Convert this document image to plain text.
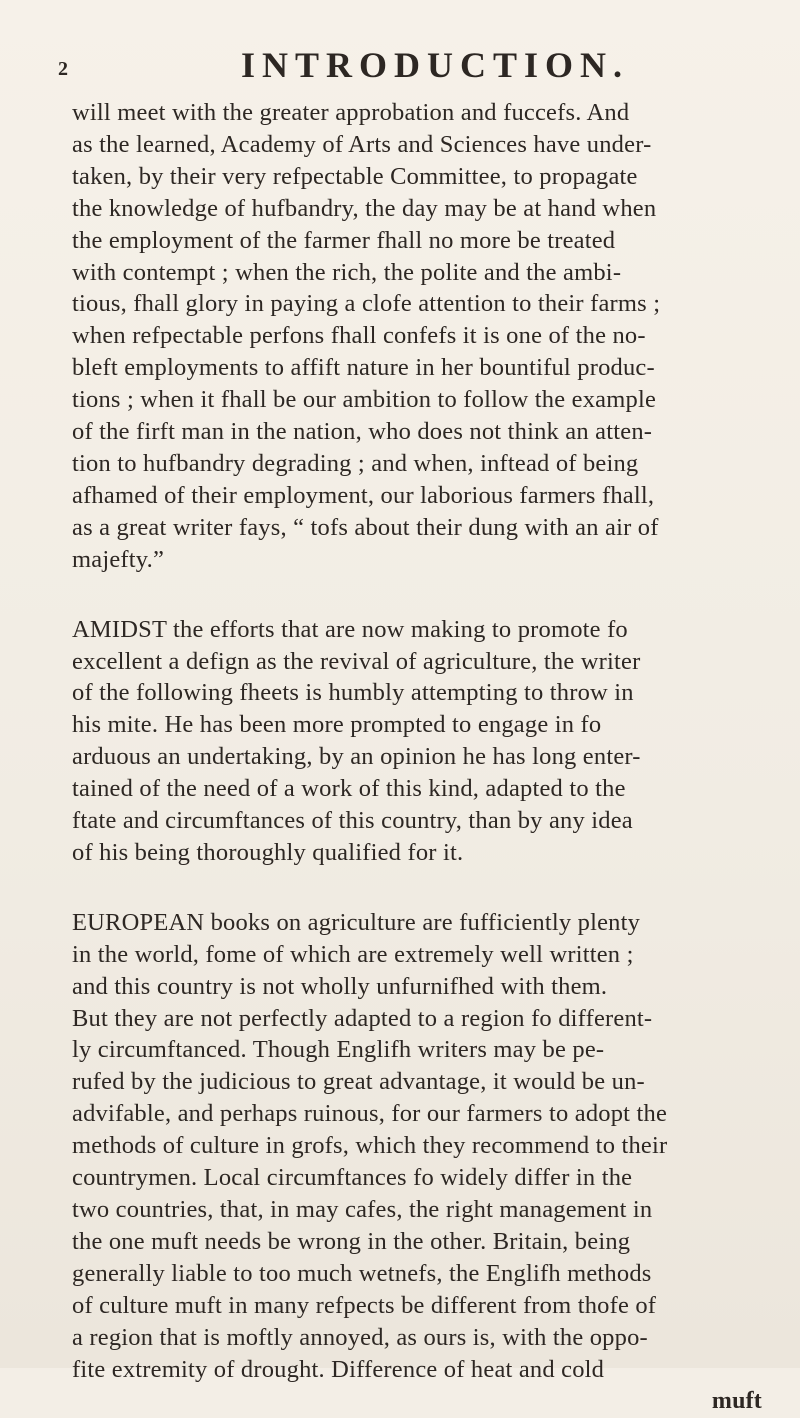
2	INTRODUCTION.
will meet with the greater approbation and fuccefs. And
as the learned, Academy of Arts and Sciences have under-
taken, by their very refpectable Committee, to propagate
the knowledge of hufbandry, the day may be at hand when
the employment of the farmer fhall no more be treated
with contempt ; when the rich, the polite and the ambi-
tious, fhall glory in paying a clofe attention to their farms ;
when refpectable perfons fhall confefs it is one of the no-
bleft employments to affift nature in her bountiful produc-
tions ; when it fhall be our ambition to follow the example
of the firft man in the nation, who does not think an atten-
tion to hufbandry degrading ; and when, inftead of being
afhamed of their employment, our laborious farmers fhall,
as a great writer fays, “ tofs about their dung with an air of
majefty.”
AMIDST the efforts that are now making to promote fo
excellent a defign as the revival of agriculture, the writer
of the following fheets is humbly attempting to throw in
his mite. He has been more prompted to engage in fo
arduous an undertaking, by an opinion he has long enter-
tained of the need of a work of this kind, adapted to the
ftate and circumftances of this country, than by any idea
of his being thoroughly qualified for it.
EUROPEAN books on agriculture are fufficiently plenty
in the world, fome of which are extremely well written ;
and this country is not wholly unfurnifhed with them.
But they are not perfectly adapted to a region fo different-
ly circumftanced. Though Englifh writers may be pe-
rufed by the judicious to great advantage, it would be un-
advifable, and perhaps ruinous, for our farmers to adopt the
methods of culture in grofs, which they recommend to their
countrymen. Local circumftances fo widely differ in the
two countries, that, in may cafes, the right management in
the one muft needs be wrong in the other. Britain, being
generally liable to too much wetnefs, the Englifh methods
of culture muft in many refpects be different from thofe of
a region that is moftly annoyed, as ours is, with the oppo-
fite extremity of drought. Difference of heat and cold
muft
